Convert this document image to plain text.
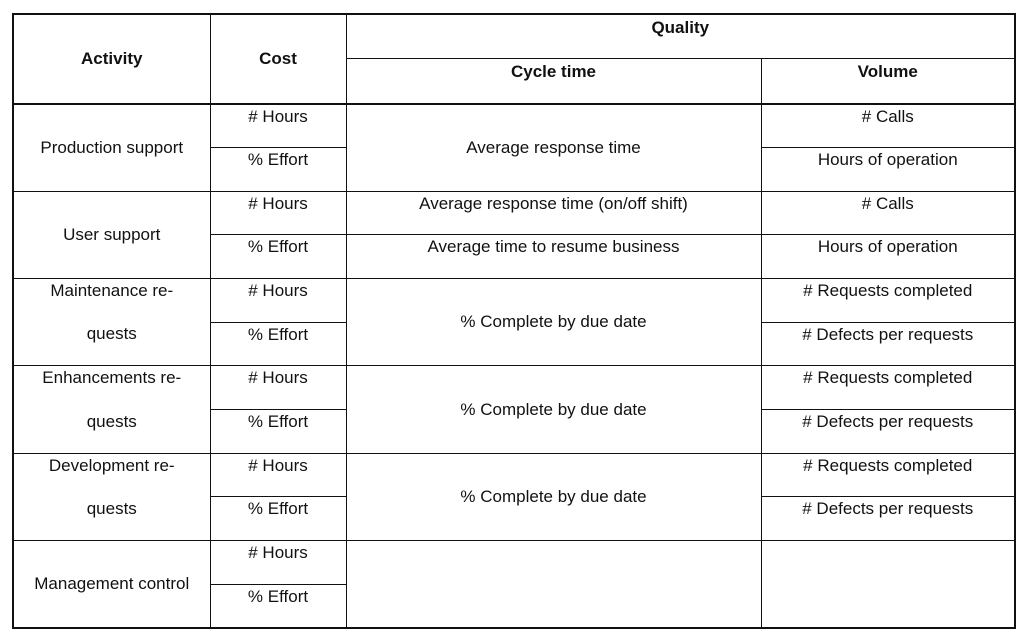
Activity	Cost	Quality	
		Cycle time	Volume
Production support	# Hours	Average response time	# Calls
	% Effort		Hours of operation
User support	# Hours	Average response time (on/off shift)	# Calls
	% Effort	Average time to resume business	Hours of operation
Maintenance re-	# Hours	% Complete by due date	# Requests completed
quests	% Effort		# Defects per requests
Enhancements re-	# Hours	% Complete by due date	# Requests completed
quests	% Effort		# Defects per requests
Development re-	# Hours	% Complete by due date	# Requests completed
quests	% Effort		# Defects per requests
Management control	# Hours		
	% Effort		
